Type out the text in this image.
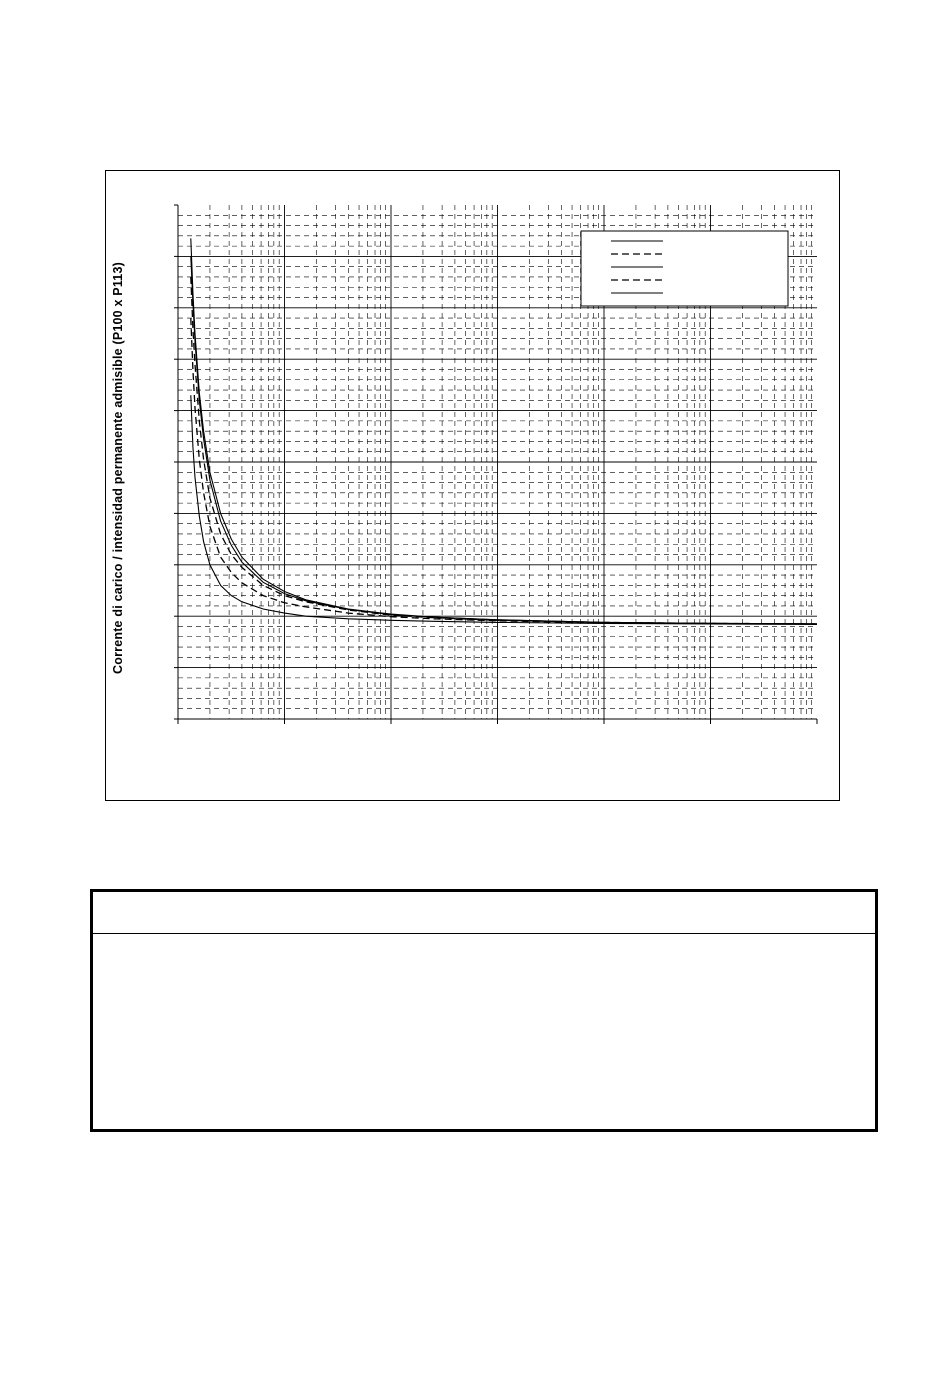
Corrente di carico / intensidad permanente admisible (P100 x P113)
